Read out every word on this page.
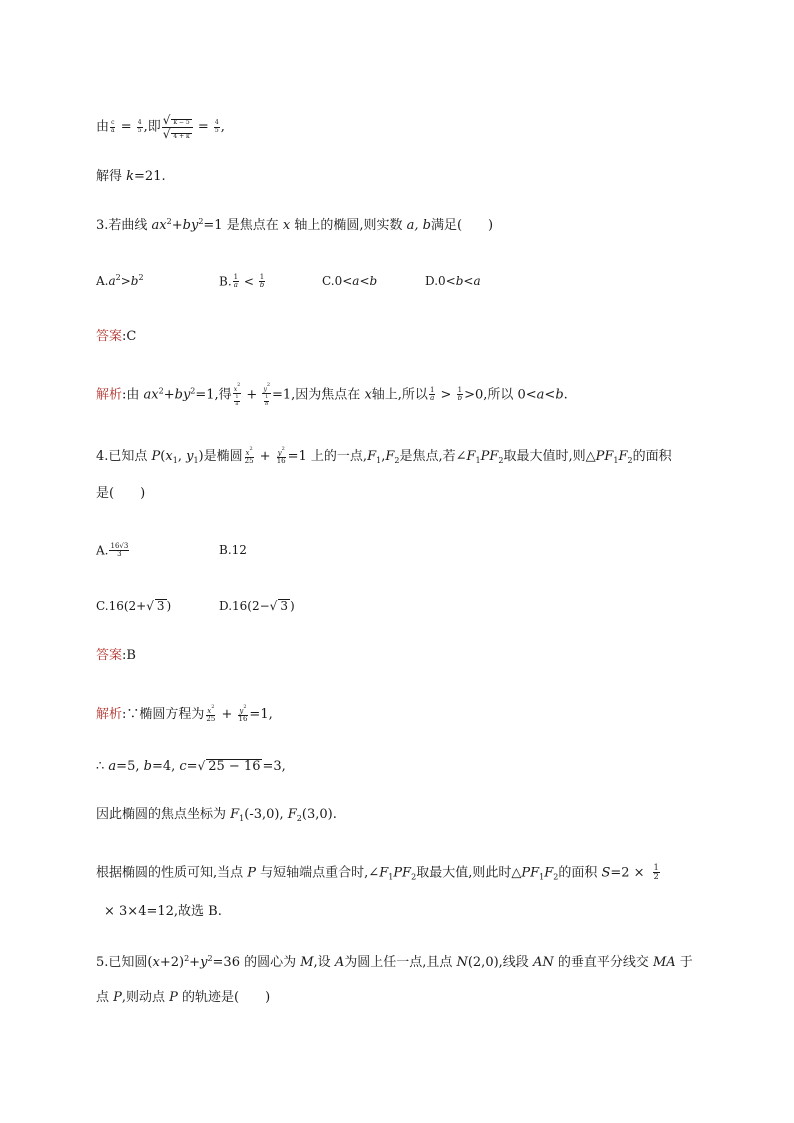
由 $\frac{c}{a} = \frac{4}{5}$ ,即 $\frac{√ k - 5}{√ 4 + k} = \frac{4}{5}$ ,
解得 k=21.
3.若曲线 $ax^2+by^2=1$ 是焦点在 x 轴上的椭圆,则实数 a, b满足(　　)
$A.a^2>b^2$	B. $\frac{1}{a} < \frac{1}{b}$	C.0<a<b	D.0<b<a
答案:C
解析:由 $ax^2+by^2=1$,得 $\frac{x^2}{\frac{1}{a}} + \frac{y^2}{\frac{1}{b}} =1$,因为焦点在 x轴上,所以 $\frac{1}{a} > \frac{1}{b} >0$,所以 0<a<b.
4.已知点 $P(x_1$, $y_1$)是椭圆 $\frac{x^2}{25} + \frac{y^2}{16} =1$ 上的一点$,F_1,F_2$是焦点,若$\angle F_1PF_2$取最大值时,则$\triangle PF_1F_2$的面积
是(　　)
A. $\frac{16√3}{3}$	B.12
C.16(2+√ 3 )	D.16(2−√ 3 )
答案:B
解析:∵椭圆方程为 $\frac{x^2}{25} + \frac{y^2}{16} =1$,
∴ a=5, b=4, c=√ 25 − 16 =3,
因此椭圆的焦点坐标为 $F_1(-3,0)$, $F_2(3,0)$.
根据椭圆的性质可知,当点 P 与短轴端点重合时$,\angle F_1PF_2$取最大值,则此时$\triangle PF_1F_2$的面积 $S=2 \times \frac{1}{2}$
× 3×4=12,故选 B.
5.已知圆$(x+2)^2+y^2=36$ 的圆心为 M,设 A为圆上任一点,且点 N(2,0),线段 AN 的垂直平分线交 MA 于
点 P,则动点 P 的轨迹是(　　)
